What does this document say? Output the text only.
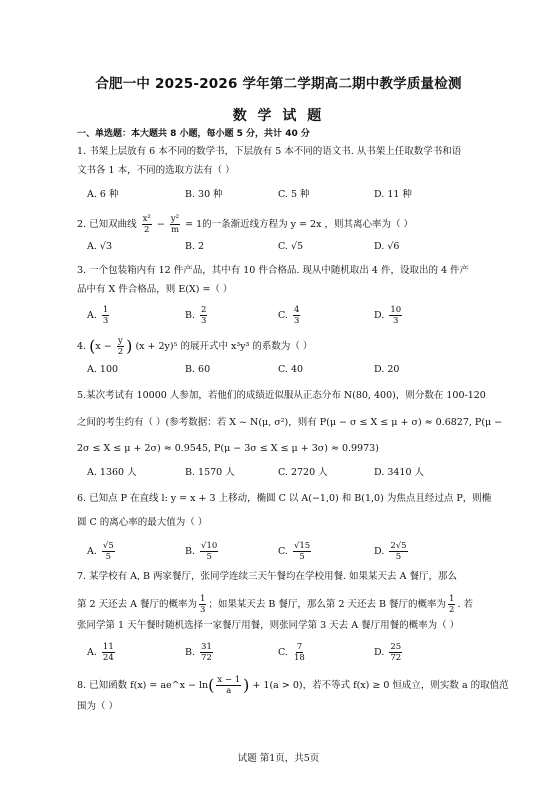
合肥一中 2025-2026 学年第二学期高二期中教学质量检测
数 学 试 题
一、单选题：本大题共 8 小题，每小题 5 分，共计 40 分
1. 书架上层放有 6 本不同的数学书，下层放有 5 本不同的语文书. 从书架上任取数学书和语
文书各 1 本，不同的选取方法有（ ）
A. 6 种	B. 30 种	C. 5 种	D. 11 种
2. 已知双曲线 $\frac{\text{x²}}{2} - \frac{\text{y²}}{m} = 1$的一条渐近线方程为 y = 2x ，则其离心率为（ ）
A. √3	B. 2	C. √5	D. √6
3. 一个包装箱内有 12 件产品，其中有 10 件合格品. 现从中随机取出 4 件，设取出的 4 件产
品中有 X 件合格品，则 E(X) =（ ）
A. $\frac{1}{3}$	B. $\frac{2}{3}$	C. $\frac{4}{3}$	D. $\frac{10}{3}$
4. ($x - \frac{y}{2}$ ) (x + 2y)⁵ 的展开式中 x³y³ 的系数为（ ）
A. 100	B. 60	C. 40	D. 20
5.某次考试有 10000 人参加，若他们的成绩近似服从正态分布 N(80, 400)，则分数在 100-120
之间的考生约有（ ）(参考数据：若 X ~ N(μ, σ²)，则有 P(μ − σ ≤ X ≤ μ + σ) ≈ 0.6827, P(μ −
2σ ≤ X ≤ μ + 2σ) ≈ 0.9545, P(μ − 3σ ≤ X ≤ μ + 3σ) ≈ 0.9973)
A. 1360 人	B. 1570 人	C. 2720 人	D. 3410 人
6. 已知点 P 在直线 l: y = x + 3 上移动，椭圆 C 以 A(−1,0) 和 B(1,0) 为焦点且经过点 P，则椭
圆 C 的离心率的最大值为（ ）
A. $\frac{√5}{5}$	B. $\frac{√10}{5}$	C. $\frac{√15}{5}$	D. $\frac{2√5}{5}$
7. 某学校有 A, B 两家餐厅，张同学连续三天午餐均在学校用餐. 如果某天去 A 餐厅，那么
第 2 天还去 A 餐厅的概率为 $\frac{1}{3}$ ；如果某天去 B 餐厅，那么第 2 天还去 B 餐厅的概率为 $\frac{1}{2}$ . 若
张同学第 1 天午餐时随机选择一家餐厅用餐，则张同学第 3 天去 A 餐厅用餐的概率为（ ）
A. $\frac{11}{24}$	B. $\frac{31}{72}$	C. $\frac{7}{18}$	D. $\frac{25}{72}$
8. 已知函数 f(x) = ae^x − $\ln( \frac{x - 1}{a}$ ) + 1(a > 0)，若不等式 f(x) ≥ 0 恒成立，则实数 a 的取值范
围为（ ）
试题 第1页，共5页
